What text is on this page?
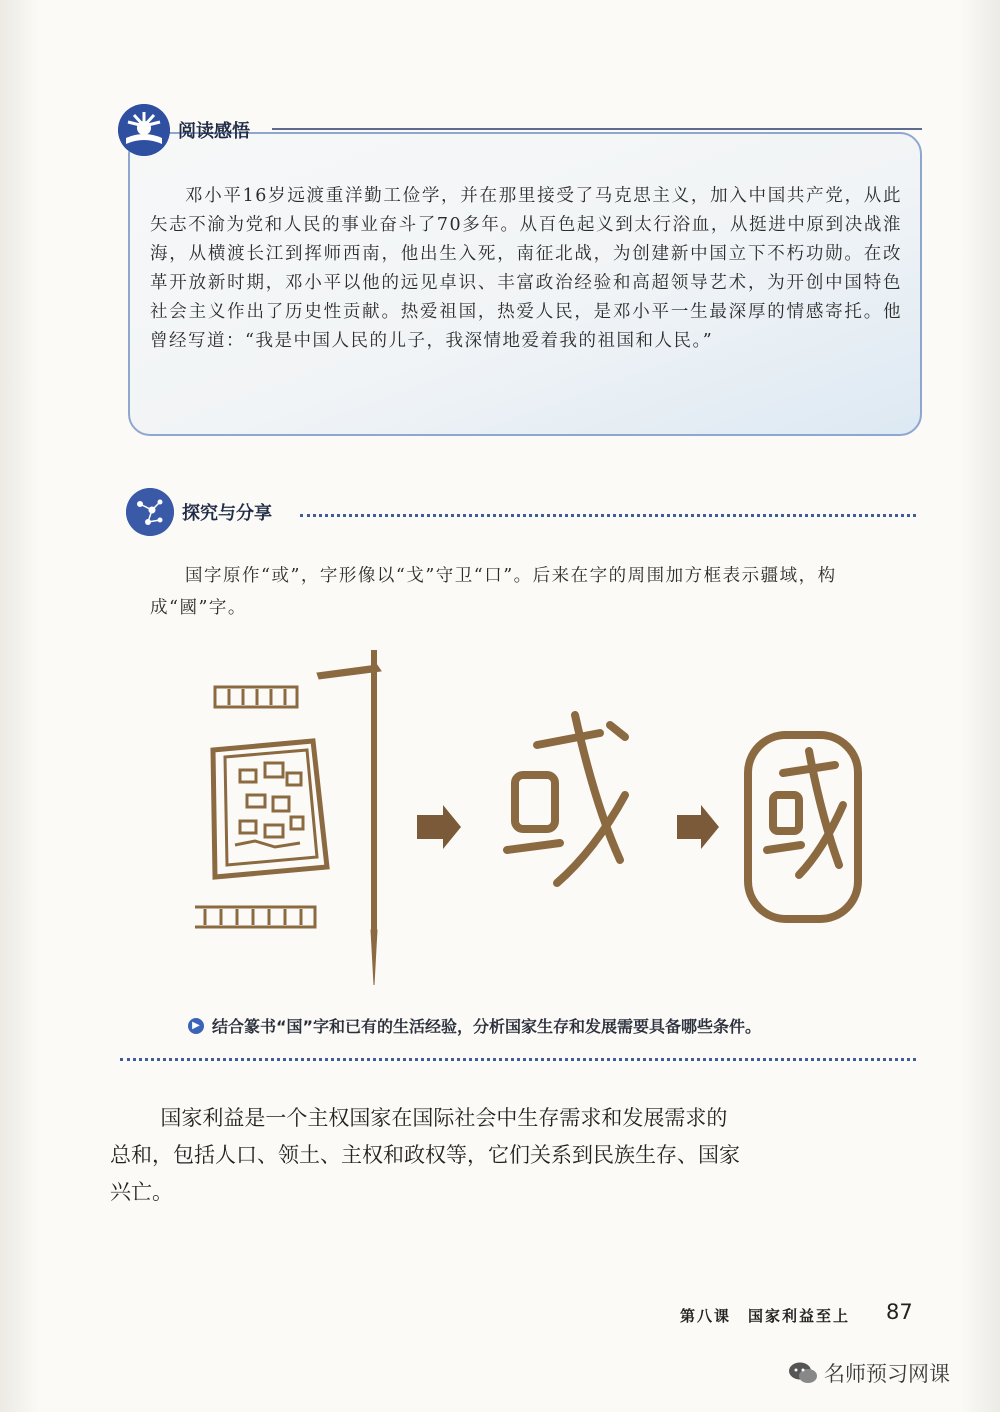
阅读感悟
邓小平16岁远渡重洋勤工俭学，并在那里接受了马克思主义，加入中国共产党，从此矢志不渝为党和人民的事业奋斗了70多年。从百色起义到太行浴血，从挺进中原到决战淮海，从横渡长江到挥师西南，他出生入死，南征北战，为创建新中国立下不朽功勋。在改革开放新时期，邓小平以他的远见卓识、丰富政治经验和高超领导艺术，为开创中国特色社会主义作出了历史性贡献。热爱祖国，热爱人民，是邓小平一生最深厚的情感寄托。他曾经写道：“我是中国人民的儿子，我深情地爱着我的祖国和人民。”
探究与分享
国字原作“或”，字形像以“戈”守卫“口”。后来在字的周围加方框表示疆域，构成“國”字。
▶ 结合篆书“国”字和已有的生活经验，分析国家生存和发展需要具备哪些条件。
国家利益是一个主权国家在国际社会中生存需求和发展需求的总和，包括人口、领土、主权和政权等，它们关系到民族生存、国家兴亡。
第八课　国家利益至上 87
名师预习网课
